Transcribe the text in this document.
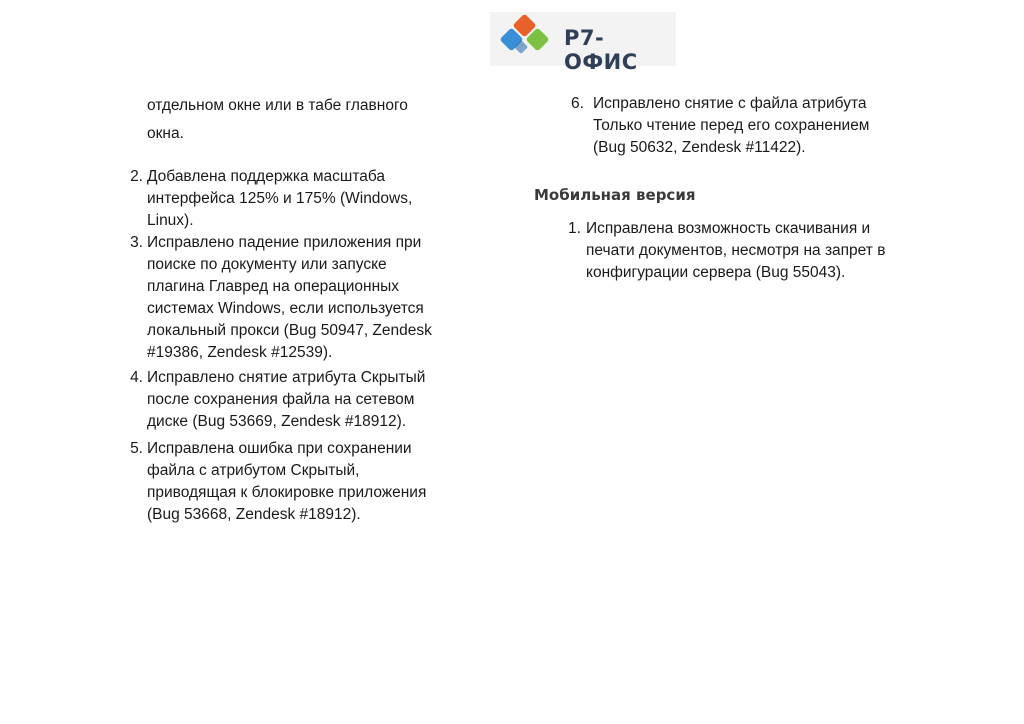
Р7-ОФИС
отдельном окне или в табе главного
окна.
2. Добавлена поддержка масштаба
интерфейса 125% и 175% (Windows,
Linux).
3. Исправлено падение приложения при
поиске по документу или запуске
плагина Главред на операционных
системах Windows, если используется
локальный прокси (Bug 50947, Zendesk
#19386, Zendesk #12539).
4. Исправлено снятие атрибута Скрытый
после сохранения файла на сетевом
диске (Bug 53669, Zendesk #18912).
5. Исправлена ошибка при сохранении
файла с атрибутом Скрытый,
приводящая к блокировке приложения
(Bug 53668, Zendesk #18912).
6. Исправлено снятие с файла атрибута
Только чтение перед его сохранением
(Bug 50632, Zendesk #11422).
Мобильная версия
1. Исправлена возможность скачивания и
печати документов, несмотря на запрет в
конфигурации сервера (Bug 55043).
